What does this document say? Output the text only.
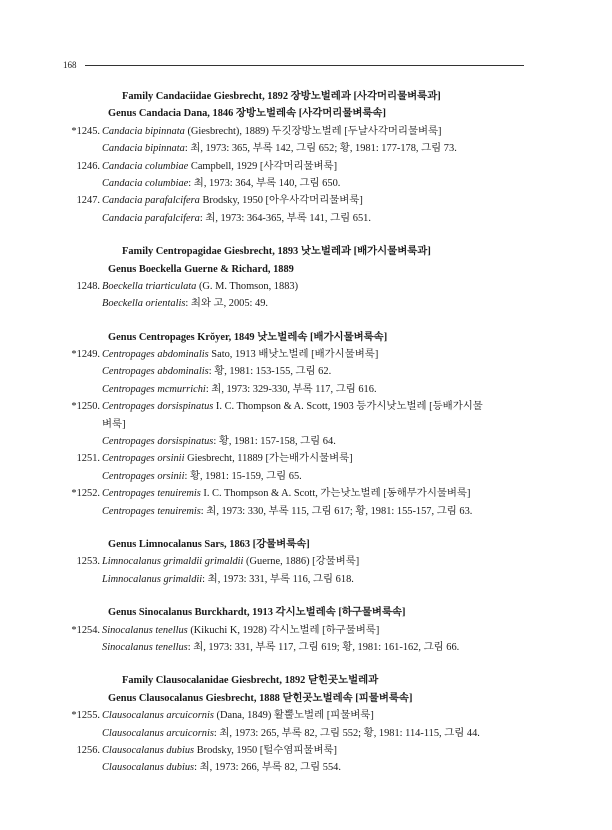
168
Family Candaciidae Giesbrecht, 1892 장방노벌레과 [사각머리물벼룩과]
Genus Candacia Dana, 1846 장방노벌레속 [사각머리물벼룩속]
*1245. Candacia bipinnata (Giesbrecht), 1889) 두깃장방노벌레 [두날사각머리물벼룩]
Candacia bipinnata: 최, 1973: 365, 부록 142, 그림 652; 황, 1981: 177-178, 그림 73.
1246. Candacia columbiae Campbell, 1929 [사각머리물벼룩]
Candacia columbiae: 최, 1973: 364, 부록 140, 그림 650.
1247. Candacia parafalcifera Brodsky, 1950 [아우사각머리물벼룩]
Candacia parafalcifera: 최, 1973: 364-365, 부록 141, 그림 651.
Family Centropagidae Giesbrecht, 1893 낫노벌레과 [배가시물벼룩과]
Genus Boeckella Guerne & Richard, 1889
1248. Boeckella triarticulata (G. M. Thomson, 1883)
Boeckella orientalis: 최와 고, 2005: 49.
Genus Centropages Krŏyer, 1849 낫노벌레속 [배가시물벼룩속]
*1249. Centropages abdominalis Sato, 1913 배낫노벌레 [배가시물벼룩]
Centropages abdominalis: 황, 1981: 153-155, 그림 62.
Centropages mcmurrichi: 최, 1973: 329-330, 부록 117, 그림 616.
*1250. Centropages dorsispinatus I. C. Thompson & A. Scott, 1903 등가시낫노벌레 [등배가시물
벼룩]
Centropages dorsispinatus: 황, 1981: 157-158, 그림 64.
1251. Centropages orsinii Giesbrecht, 11889 [가는배가시물벼룩]
Centropages orsinii: 황, 1981: 15-159, 그림 65.
*1252. Centropages tenuiremis I. C. Thompson & A. Scott, 가는낫노벌레 [동해무가시물벼룩]
Centropages tenuiremis: 최, 1973: 330, 부록 115, 그림 617; 황, 1981: 155-157, 그림 63.
Genus Limnocalanus Sars, 1863 [강물벼룩속]
1253. Limnocalanus grimaldii grimaldii (Guerne, 1886) [강물벼룩]
Limnocalanus grimaldii: 최, 1973: 331, 부록 116, 그림 618.
Genus Sinocalanus Burckhardt, 1913 각시노벌레속 [하구물벼룩속]
*1254. Sinocalanus tenellus (Kikuchi K, 1928) 각시노벌레 [하구물벼룩]
Sinocalanus tenellus: 최, 1973: 331, 부록 117, 그림 619; 황, 1981: 161-162, 그림 66.
Family Clausocalanidae Giesbrecht, 1892 닫힌곳노벌레과
Genus Clausocalanus Giesbrecht, 1888 닫힌곳노벌레속 [피물벼룩속]
*1255. Clausocalanus arcuicornis (Dana, 1849) 활뿔노벌레 [피물벼룩]
Clausocalanus arcuicornis: 최, 1973: 265, 부록 82, 그림 552; 황, 1981: 114-115, 그림 44.
1256. Clausocalanus dubius Brodsky, 1950 [털수염피물벼룩]
Clausocalanus dubius: 최, 1973: 266, 부록 82, 그림 554.
